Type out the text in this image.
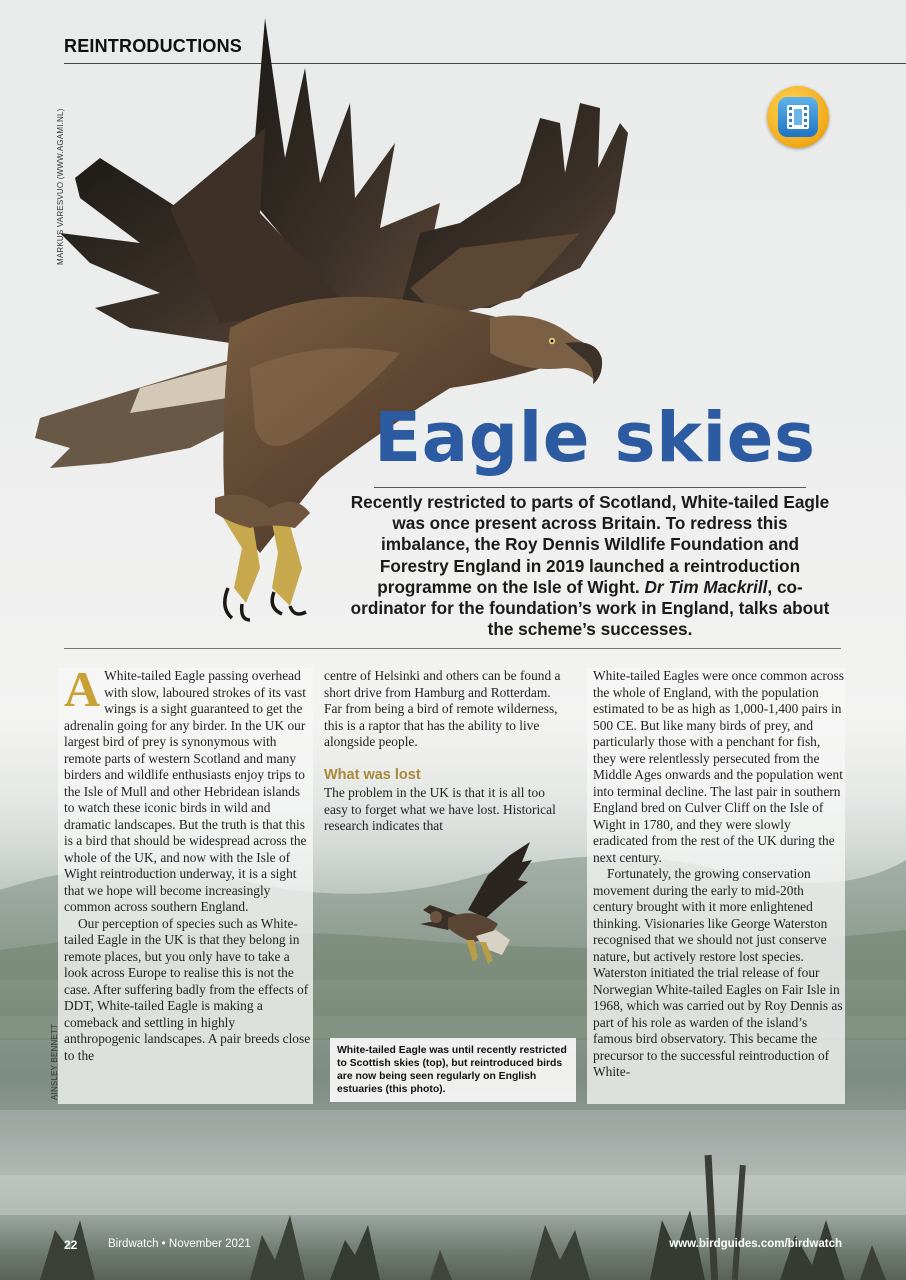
REINTRODUCTIONS
MARKUS VARESVUO (WWW.AGAMI.NL)
Eagle skies
Recently restricted to parts of Scotland, White-tailed Eagle was once present across Britain. To redress this imbalance, the Roy Dennis Wildlife Foundation and Forestry England in 2019 launched a reintroduction programme on the Isle of Wight. Dr Tim Mackrill, co-ordinator for the foundation’s work in England, talks about the scheme’s successes.
A White-tailed Eagle passing overhead with slow, laboured strokes of its vast wings is a sight guaranteed to get the adrenalin going for any birder. In the UK our largest bird of prey is synonymous with remote parts of western Scotland and many birders and wildlife enthusiasts enjoy trips to the Isle of Mull and other Hebridean islands to watch these iconic birds in wild and dramatic landscapes. But the truth is that this is a bird that should be widespread across the whole of the UK, and now with the Isle of Wight reintroduction underway, it is a sight that we hope will become increasingly common across southern England.

Our perception of species such as White-tailed Eagle in the UK is that they belong in remote places, but you only have to take a look across Europe to realise this is not the case. After suffering badly from the effects of DDT, White-tailed Eagle is making a comeback and settling in highly anthropogenic landscapes. A pair breeds close to the

centre of Helsinki and others can be found a short drive from Hamburg and Rotterdam. Far from being a bird of remote wilderness, this is a raptor that has the ability to live alongside people.

What was lost

The problem in the UK is that it is all too easy to forget what we have lost. Historical research indicates that

White-tailed Eagles were once common across the whole of England, with the population estimated to be as high as 1,000-1,400 pairs in 500 CE. But like many birds of prey, and particularly those with a penchant for fish, they were relentlessly persecuted from the Middle Ages onwards and the population went into terminal decline. The last pair in southern England bred on Culver Cliff on the Isle of Wight in 1780, and they were slowly eradicated from the rest of the UK during the next century.

Fortunately, the growing conservation movement during the early to mid-20th century brought with it more enlightened thinking. Visionaries like George Waterston recognised that we should not just conserve nature, but actively restore lost species. Waterston initiated the trial release of four Norwegian White-tailed Eagles on Fair Isle in 1968, which was carried out by Roy Dennis as part of his role as warden of the island’s famous bird observatory. This became the precursor to the successful reintroduction of White-

AINSLEY BENNETT	White-tailed Eagle was until recently restricted to Scottish skies (top), but reintroduced birds are now being seen regularly on English estuaries (this photo).
22	Birdwatch • November 2021	www.birdguides.com/birdwatch
